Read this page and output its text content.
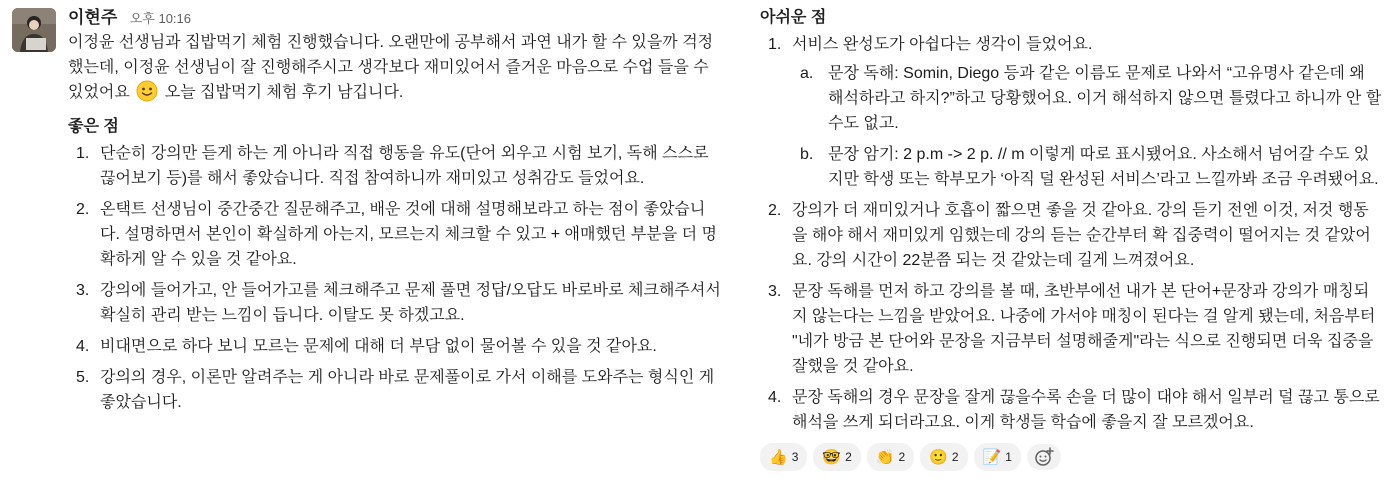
이현주 오후 10:16

이정윤 선생님과 집밥먹기 체험 진행했습니다. 오랜만에 공부해서 과연 내가 할 수 있을까 걱정했는데, 이정윤 선생님이 잘 진행해주시고 생각보다 재미있어서 즐거운 마음으로 수업 들을 수 있었어요 오늘 집밥먹기 체험 후기 남깁니다.

좋은 점
1. 단순히 강의만 듣게 하는 게 아니라 직접 행동을 유도(단어 외우고 시험 보기, 독해 스스로 끊어보기 등)를 해서 좋았습니다. 직접 참여하니까 재미있고 성취감도 들었어요.
2. 온택트 선생님이 중간중간 질문해주고, 배운 것에 대해 설명해보라고 하는 점이 좋았습니다. 설명하면서 본인이 확실하게 아는지, 모르는지 체크할 수 있고 + 애매했던 부분을 더 명확하게 알 수 있을 것 같아요.
3. 강의에 들어가고, 안 들어가고를 체크해주고 문제 풀면 정답/오답도 바로바로 체크해주셔서 확실히 관리 받는 느낌이 듭니다. 이탈도 못 하겠고요.
4. 비대면으로 하다 보니 모르는 문제에 대해 더 부담 없이 물어볼 수 있을 것 같아요.
5. 강의의 경우, 이론만 알려주는 게 아니라 바로 문제풀이로 가서 이해를 도와주는 형식인 게 좋았습니다.
아쉬운 점
1. 서비스 완성도가 아쉽다는 생각이 들었어요.
a. 문장 독해: Somin, Diego 등과 같은 이름도 문제로 나와서 “고유명사 같은데 왜 해석하라고 하지?”하고 당황했어요. 이거 해석하지 않으면 틀렸다고 하니까 안 할 수도 없고.
b. 문장 암기: 2 p.m -> 2 p. // m 이렇게 따로 표시됐어요. 사소해서 넘어갈 수도 있지만 학생 또는 학부모가 ‘아직 덜 완성된 서비스’라고 느낄까봐 조금 우려됐어요.
2. 강의가 더 재미있거나 호흡이 짧으면 좋을 것 같아요. 강의 듣기 전엔 이것, 저것 행동을 해야 해서 재미있게 임했는데 강의 듣는 순간부터 확 집중력이 떨어지는 것 같았어요. 강의 시간이 22분쯤 되는 것 같았는데 길게 느껴졌어요.
3. 문장 독해를 먼저 하고 강의를 볼 때, 초반부에선 내가 본 단어+문장과 강의가 매칭되지 않는다는 느낌을 받았어요. 나중에 가서야 매칭이 된다는 걸 알게 됐는데, 처음부터 "네가 방금 본 단어와 문장을 지금부터 설명해줄게"라는 식으로 진행되면 더욱 집중을 잘했을 것 같아요.
4. 문장 독해의 경우 문장을 잘게 끊을수록 손을 더 많이 대야 해서 일부러 덜 끊고 통으로 해석을 쓰게 되더라고요. 이게 학생들 학습에 좋을지 잘 모르겠어요.
👍 3 🤓 2 👏 2 🙂 2 📝 1
